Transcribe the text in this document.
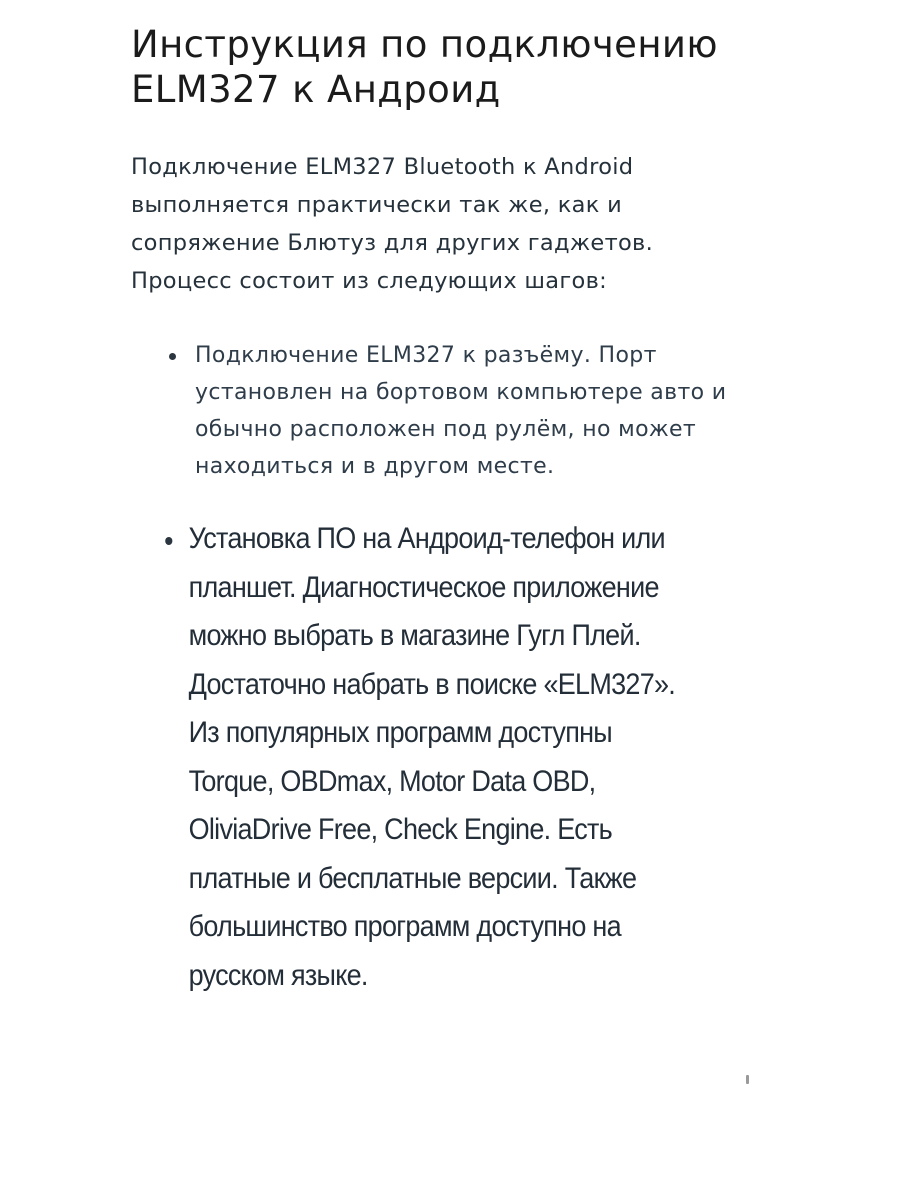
Инструкция по подключению ELM327 к Андроид

Подключение ELM327 Bluetooth к Android выполняется практически так же, как и сопряжение Блютуз для других гаджетов. Процесс состоит из следующих шагов:

Подключение ELM327 к разъёму. Порт установлен на бортовом компьютере авто и обычно расположен под рулём, но может находиться и в другом месте.
Установка ПО на Андроид-телефон или планшет. Диагностическое приложение можно выбрать в магазине Гугл Плей. Достаточно набрать в поиске «ELM327». Из популярных программ доступны Torque, OBDmax, Motor Data OBD, OliviaDrive Free, Check Engine. Есть платные и бесплатные версии. Также большинство программ доступно на русском языке.
